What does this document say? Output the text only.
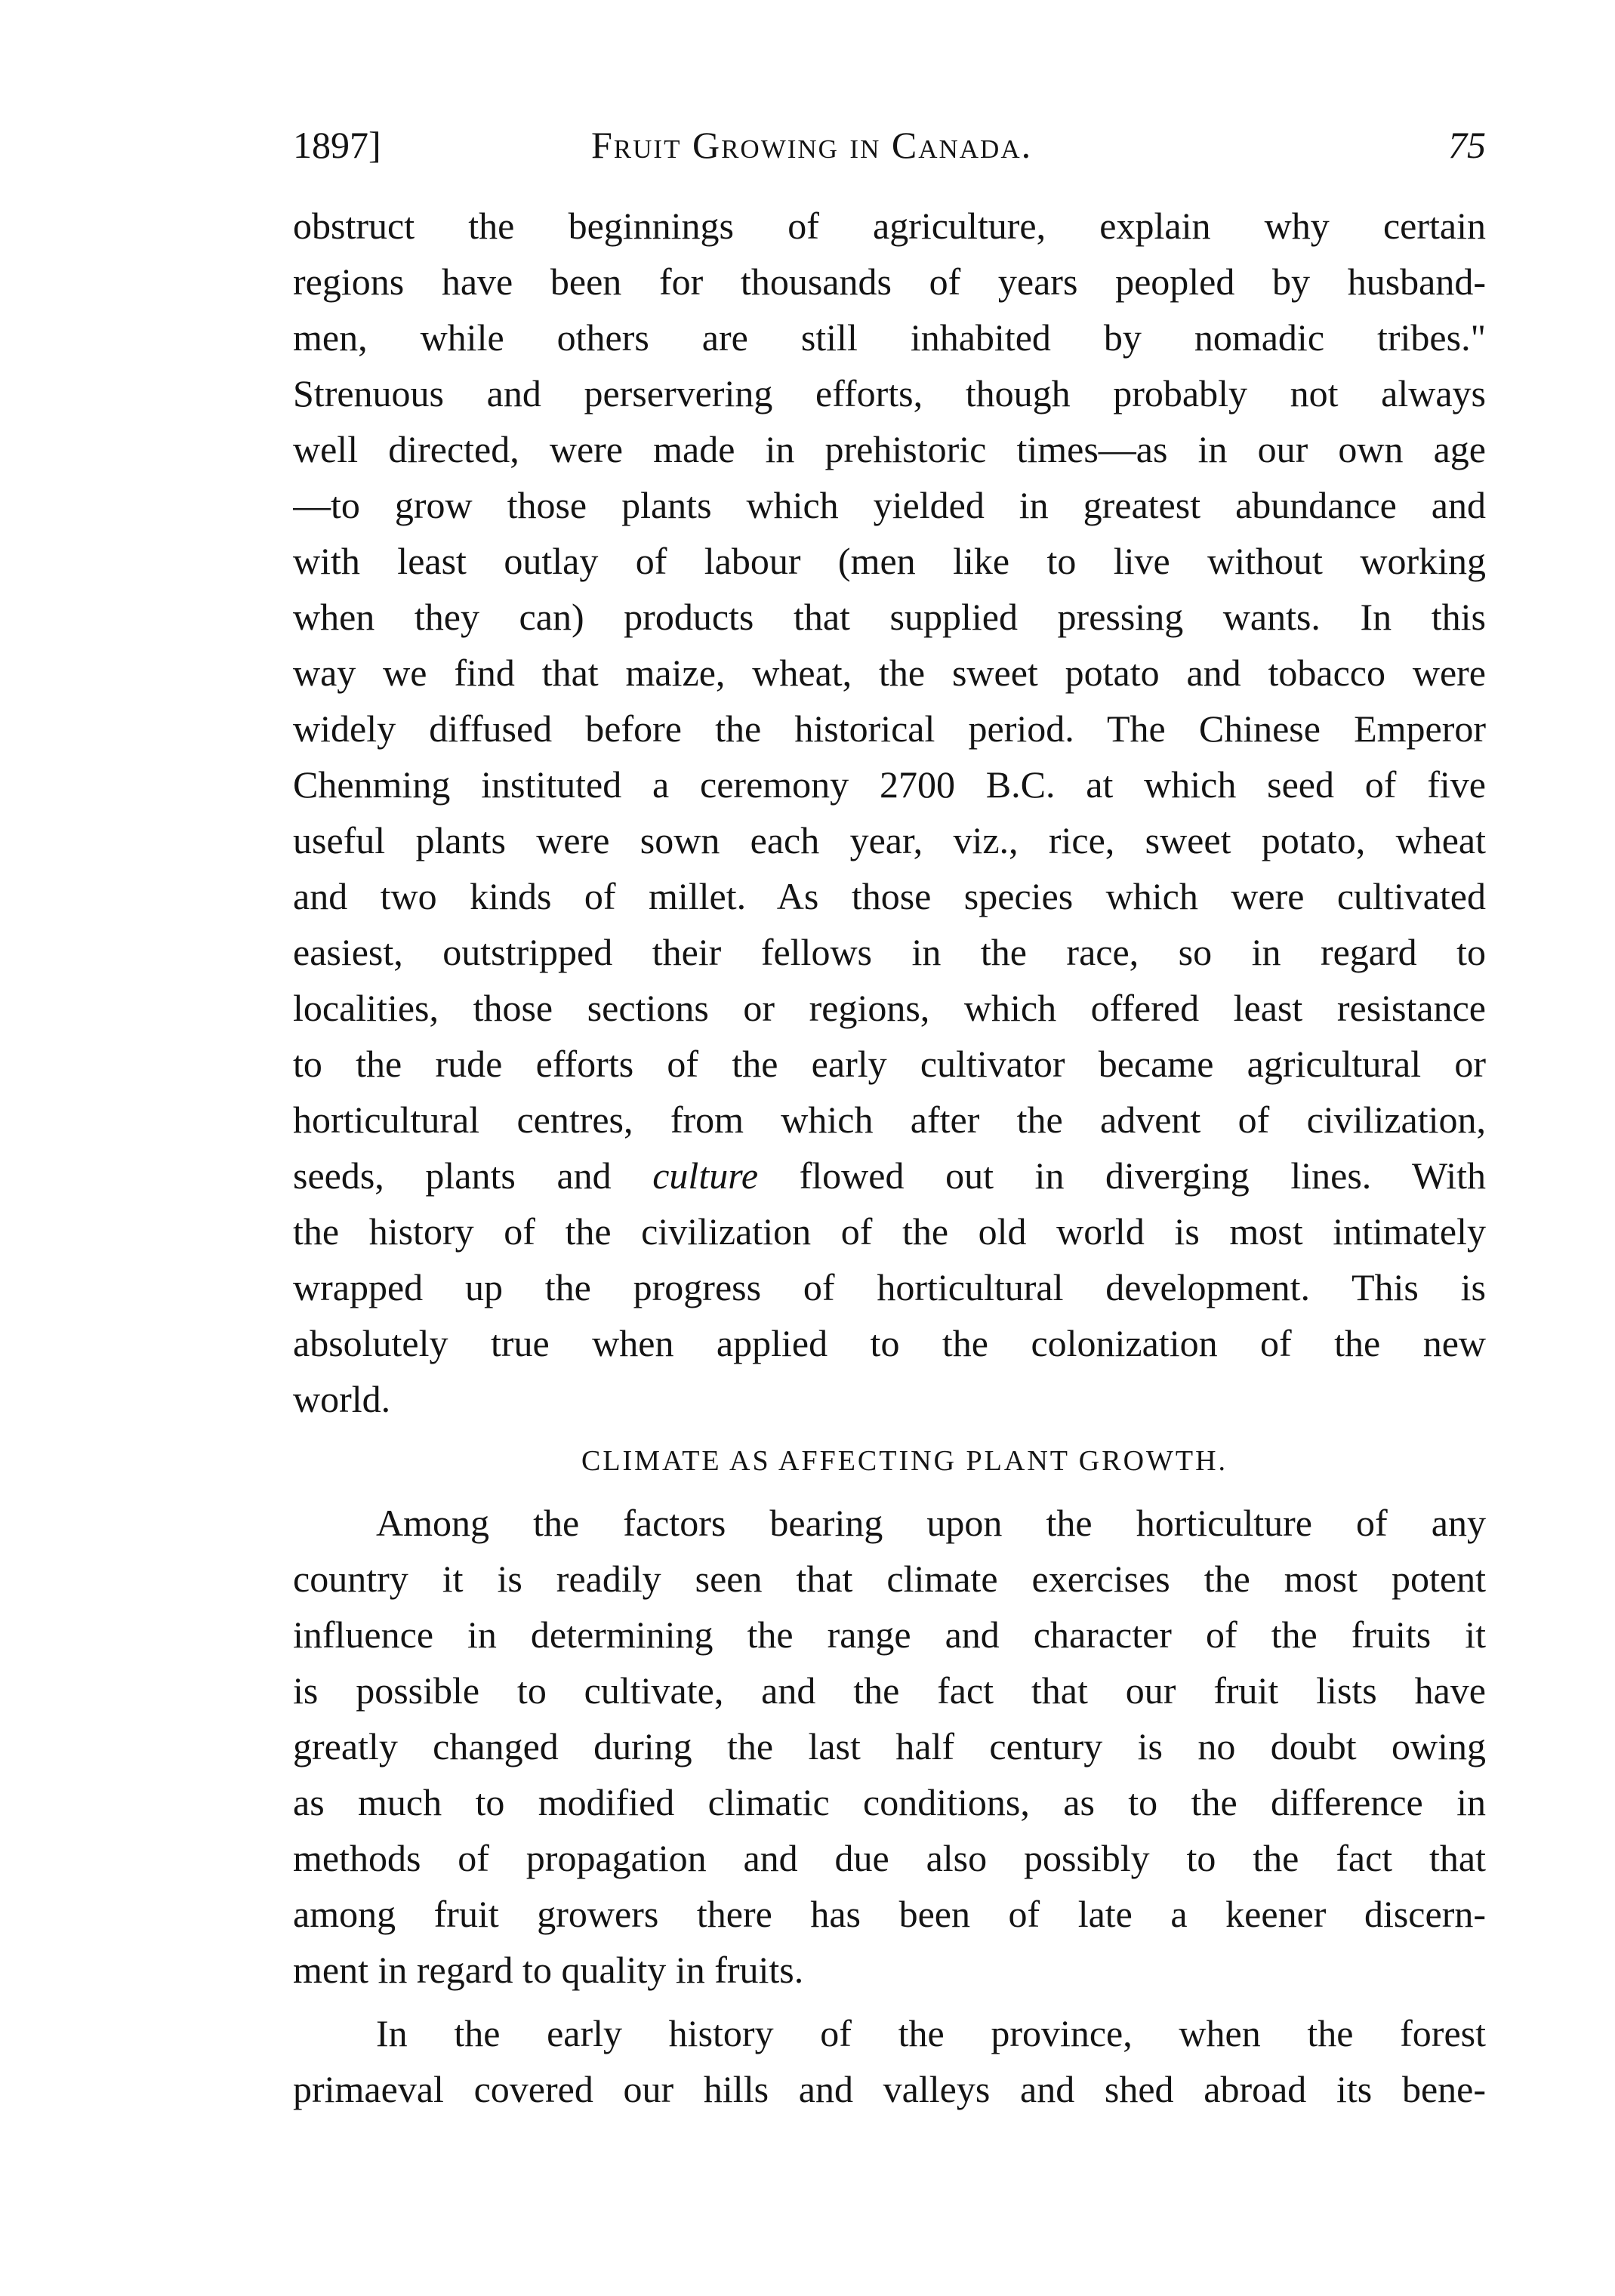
1897]	Fruit Growing in Canada.	75
obstruct the beginnings of agriculture, explain why certain
regions have been for thousands of years peopled by husband-
men, while others are still inhabited by nomadic tribes."
Strenuous and perservering efforts, though probably not always
well directed, were made in prehistoric times—as in our own age
—to grow those plants which yielded in greatest abundance and
with least outlay of labour (men like to live without working
when they can) products that supplied pressing wants. In this
way we find that maize, wheat, the sweet potato and tobacco were
widely diffused before the historical period. The Chinese Emperor
Chenming instituted a ceremony 2700 B.C. at which seed of five
useful plants were sown each year, viz., rice, sweet potato, wheat
and two kinds of millet. As those species which were cultivated
easiest, outstripped their fellows in the race, so in regard to
localities, those sections or regions, which offered least resistance
to the rude efforts of the early cultivator became agricultural or
horticultural centres, from which after the advent of civilization,
seeds, plants and culture flowed out in diverging lines. With
the history of the civilization of the old world is most intimately
wrapped up the progress of horticultural development. This is
absolutely true when applied to the colonization of the new
world.
CLIMATE AS AFFECTING PLANT GROWTH.
Among the factors bearing upon the horticulture of any
country it is readily seen that climate exercises the most potent
influence in determining the range and character of the fruits it
is possible to cultivate, and the fact that our fruit lists have
greatly changed during the last half century is no doubt owing
as much to modified climatic conditions, as to the difference in
methods of propagation and due also possibly to the fact that
among fruit growers there has been of late a keener discern-
ment in regard to quality in fruits.
In the early history of the province, when the forest
primaeval covered our hills and valleys and shed abroad its bene-
